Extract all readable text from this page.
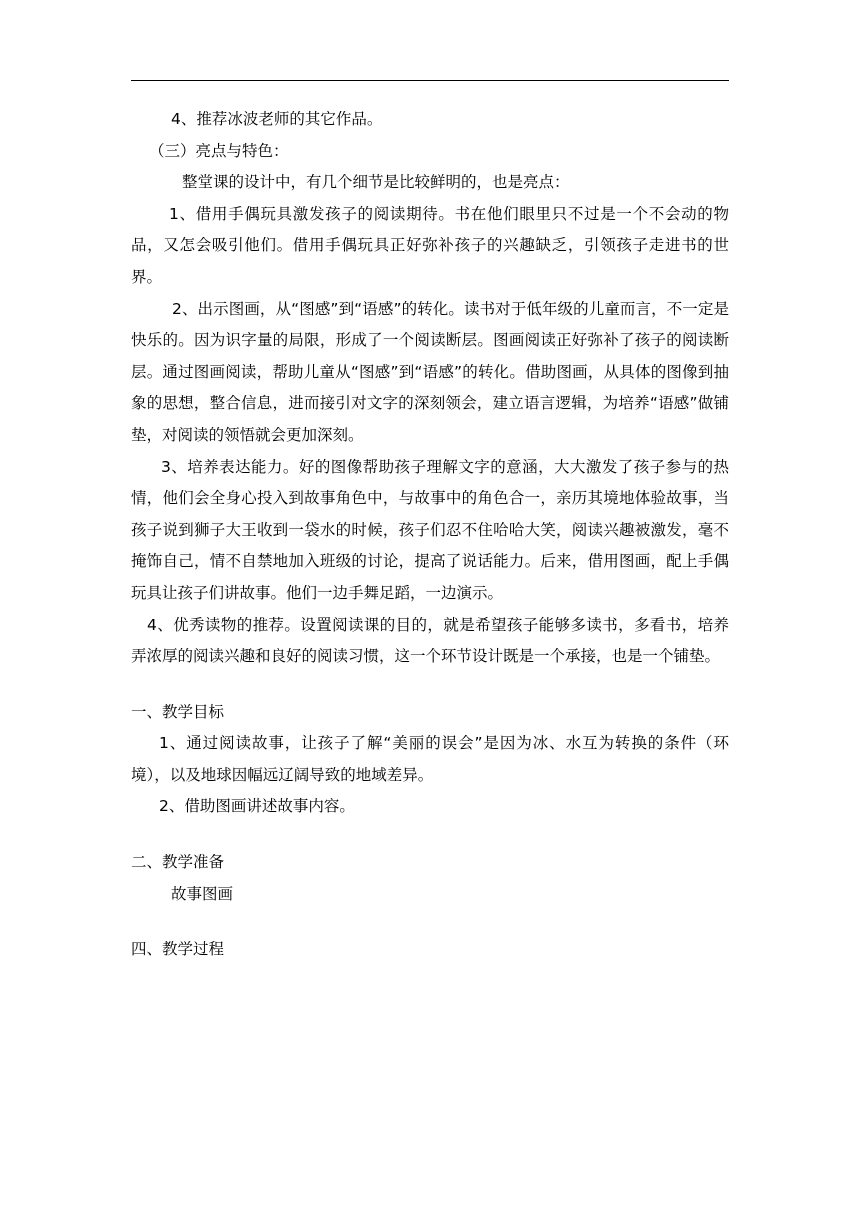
4、推荐冰波老师的其它作品。

（三）亮点与特色：

整堂课的设计中，有几个细节是比较鲜明的，也是亮点：

1、借用手偶玩具激发孩子的阅读期待。书在他们眼里只不过是一个不会动的物品，又怎会吸引他们。借用手偶玩具正好弥补孩子的兴趣缺乏，引领孩子走进书的世界。

2、出示图画，从“图感”到“语感”的转化。读书对于低年级的儿童而言，不一定是快乐的。因为识字量的局限，形成了一个阅读断层。图画阅读正好弥补了孩子的阅读断层。通过图画阅读，帮助儿童从“图感”到“语感”的转化。借助图画，从具体的图像到抽象的思想，整合信息，进而接引对文字的深刻领会，建立语言逻辑，为培养“语感”做铺垫，对阅读的领悟就会更加深刻。

3、培养表达能力。好的图像帮助孩子理解文字的意涵，大大激发了孩子参与的热情，他们会全身心投入到故事角色中，与故事中的角色合一，亲历其境地体验故事，当孩子说到狮子大王收到一袋水的时候，孩子们忍不住哈哈大笑，阅读兴趣被激发，毫不掩饰自己，情不自禁地加入班级的讨论，提高了说话能力。后来，借用图画，配上手偶玩具让孩子们讲故事。他们一边手舞足蹈，一边演示。

4、优秀读物的推荐。设置阅读课的目的，就是希望孩子能够多读书，多看书，培养弄浓厚的阅读兴趣和良好的阅读习惯，这一个环节设计既是一个承接，也是一个铺垫。

一、教学目标

1、通过阅读故事，让孩子了解“美丽的误会”是因为冰、水互为转换的条件（环境），以及地球因幅远辽阔导致的地域差异。

2、借助图画讲述故事内容。

二、教学准备

故事图画

四、教学过程
